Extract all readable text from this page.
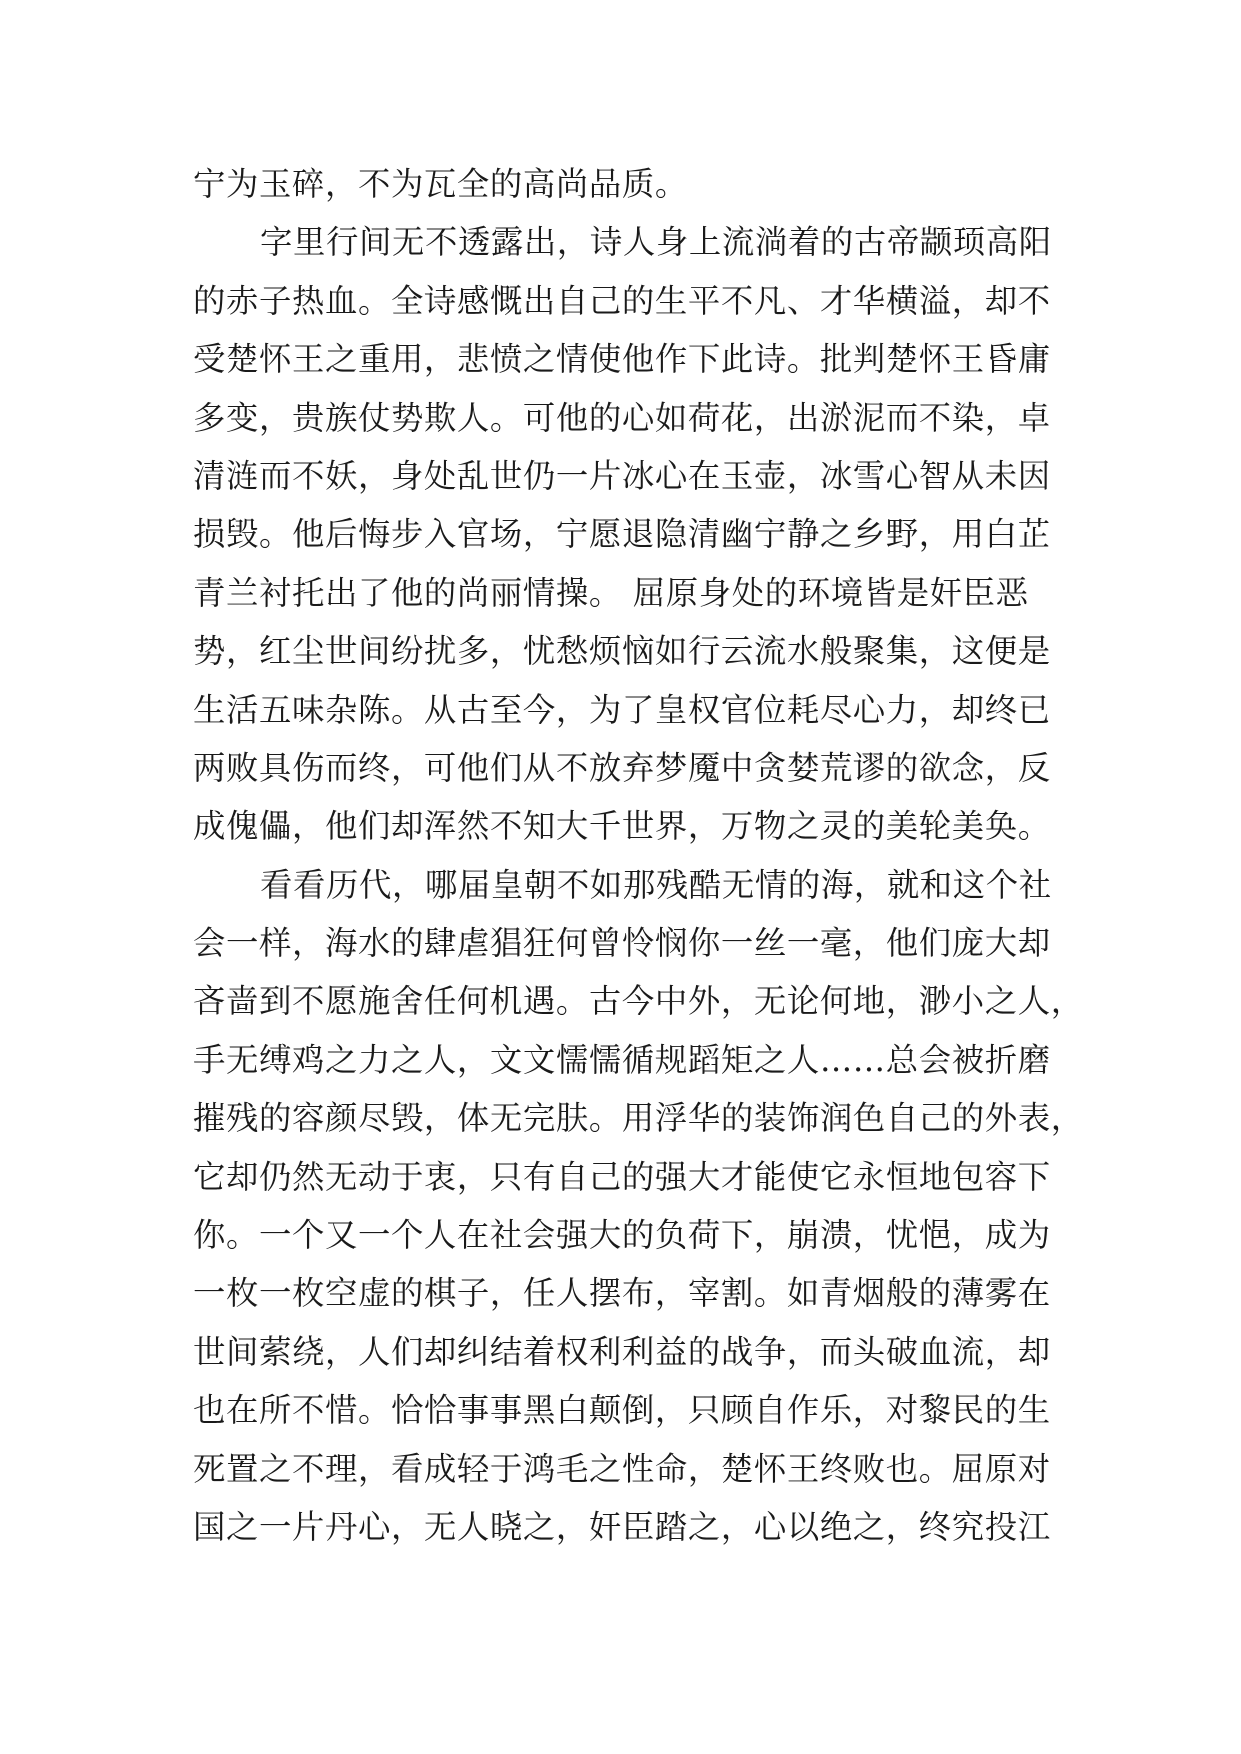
宁为玉碎，不为瓦全的高尚品质。
字里行间无不透露出，诗人身上流淌着的古帝颛顼高阳
的赤子热血。全诗感慨出自己的生平不凡、才华横溢，却不
受楚怀王之重用，悲愤之情使他作下此诗。批判楚怀王昏庸
多变，贵族仗势欺人。可他的心如荷花，出淤泥而不染，卓
清涟而不妖，身处乱世仍一片冰心在玉壶，冰雪心智从未因
损毁。他后悔步入官场，宁愿退隐清幽宁静之乡野，用白芷
青兰衬托出了他的尚丽情操。 屈原身处的环境皆是奸臣恶
势，红尘世间纷扰多，忧愁烦恼如行云流水般聚集，这便是
生活五味杂陈。从古至今，为了皇权官位耗尽心力，却终已
两败具伤而终，可他们从不放弃梦魇中贪婪荒谬的欲念，反
成傀儡，他们却浑然不知大千世界，万物之灵的美轮美奂。
看看历代，哪届皇朝不如那残酷无情的海，就和这个社
会一样，海水的肆虐猖狂何曾怜悯你一丝一毫，他们庞大却
吝啬到不愿施舍任何机遇。古今中外，无论何地，渺小之人，
手无缚鸡之力之人，文文懦懦循规蹈矩之人……总会被折磨
摧残的容颜尽毁，体无完肤。用浮华的装饰润色自己的外表，
它却仍然无动于衷，只有自己的强大才能使它永恒地包容下
你。一个又一个人在社会强大的负荷下，崩溃，忧悒，成为
一枚一枚空虚的棋子，任人摆布，宰割。如青烟般的薄雾在
世间萦绕，人们却纠结着权利利益的战争，而头破血流，却
也在所不惜。恰恰事事黑白颠倒，只顾自作乐，对黎民的生
死置之不理，看成轻于鸿毛之性命，楚怀王终败也。屈原对
国之一片丹心，无人晓之，奸臣踏之，心以绝之，终究投江
